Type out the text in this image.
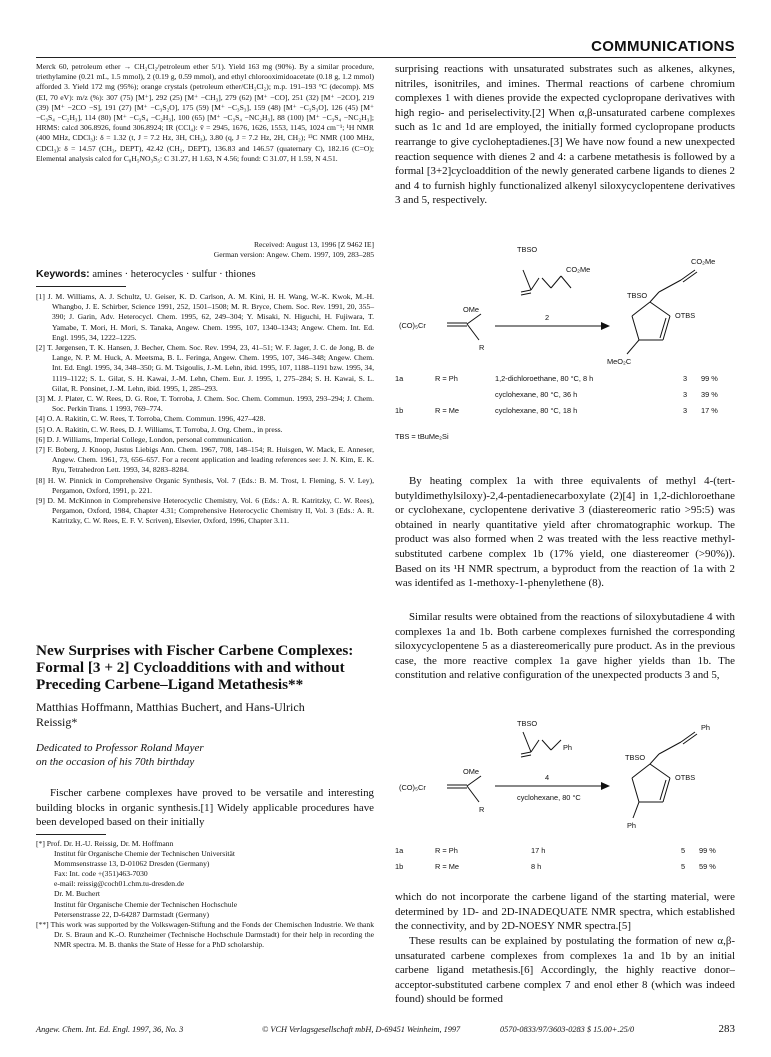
COMMUNICATIONS
Merck 60, petroleum ether → CH₂Cl₂/petroleum ether 5/1). Yield 163 mg (90%). By a similar procedure, triethylamine (0.21 mL, 1.5 mmol), 2 (0.19 g, 0.59 mmol), and ethyl chlorooximidoacetate (0.18 g, 1.2 mmol) afforded 3. Yield 172 mg (95%); orange crystals (petroleum ether/CH₂Cl₂); m.p. 191–193 °C (decomp). MS (EI, 70 eV): m/z (%): 307 (75) [M⁺], 292 (25) [M⁺ −CH₃], 279 (62) [M⁺ −CO], 251 (32) [M⁺ −2CO], 219 (39) [M⁺ −2CO −S], 191 (27) [M⁺ −C₃S₂O], 175 (59) [M⁺ −C₃S₃], 159 (48) [M⁺ −C₃S₃O], 126 (45) [M⁺ −C₃S₄ −C₂H₃], 114 (80) [M⁺ −C₃S₄ −C₂H₃], 100 (65) [M⁺ −C₃S₄ −NC₂H₃], 88 (100) [M⁺ −C₃S₄ −NC₂H₃]; HRMS: calcd 306.8926, found 306.8924; IR (CCl₄): ṽ = 2945, 1676, 1626, 1553, 1145, 1024 cm⁻¹; ¹H NMR (400 MHz, CDCl₃): δ = 1.32 (t, J = 7.2 Hz, 3H, CH₃), 3.80 (q, J = 7.2 Hz, 2H, CH₂); ¹³C NMR (100 MHz, CDCl₃): δ = 14.57 (CH₃, DEPT), 42.42 (CH₂, DEPT), 136.83 and 146.57 (quaternary C), 182.16 (C=O); Elemental analysis calcd for C₈H₅NO₃S₅: C 31.27, H 1.63, N 4.56; found: C 31.07, H 1.59, N 4.51.
Received: August 13, 1996 [Z 9462 IE]
German version: Angew. Chem. 1997, 109, 283–285
Keywords: amines · heterocycles · sulfur · thiones

[1] J. M. Williams, A. J. Schultz, U. Geiser, K. D. Carlson, A. M. Kini, H. H. Wang, W.-K. Kwok, M.-H. Whangbo, J. E. Schirber, Science 1991, 252, 1501–1508; M. R. Bryce, Chem. Soc. Rev. 1991, 20, 355–390; J. Garin, Adv. Heterocycl. Chem. 1995, 62, 249–304; Y. Misaki, N. Higuchi, H. Fujiwara, T. Yamabe, T. Mori, H. Mori, S. Tanaka, Angew. Chem. 1995, 107, 1340–1343; Angew. Chem. Int. Ed. Engl. 1995, 34, 1222–1225.

[2] T. Jørgensen, T. K. Hansen, J. Becher, Chem. Soc. Rev. 1994, 23, 41–51; W. F. Jager, J. C. de Jong, B. de Lange, N. P. M. Huck, A. Meetsma, B. L. Feringa, Angew. Chem. 1995, 107, 346–348; Angew. Chem. Int. Ed. Engl. 1995, 34, 348–350; G. M. Tsigoulis, J.-M. Lehn, ibid. 1995, 107, 1188–1191 bzw. 1995, 34, 1119–1122; S. L. Gilat, S. H. Kawai, J.-M. Lehn, Chem. Eur. J. 1995, 1, 275–284; S. H. Kawai, S. L. Gilat, R. Ponsinet, J.-M. Lehn, ibid. 1995, 1, 285–293.

[3] M. J. Plater, C. W. Rees, D. G. Roe, T. Torroba, J. Chem. Soc. Chem. Commun. 1993, 293–294; J. Chem. Soc. Perkin Trans. 1 1993, 769–774.

[4] O. A. Rakitin, C. W. Rees, T. Torroba, Chem. Commun. 1996, 427–428.

[5] O. A. Rakitin, C. W. Rees, D. J. Williams, T. Torroba, J. Org. Chem., in press.

[6] D. J. Williams, Imperial College, London, personal communication.

[7] F. Boberg, J. Knoop, Justus Liebigs Ann. Chem. 1967, 708, 148–154; R. Huisgen, W. Mack, E. Anneser, Angew. Chem. 1961, 73, 656–657. For a recent application and leading references see: J. N. Kim, E. K. Ryu, Tetrahedron Lett. 1993, 34, 8283–8284.

[8] H. W. Pinnick in Comprehensive Organic Synthesis, Vol. 7 (Eds.: B. M. Trost, I. Fleming, S. V. Ley), Pergamon, Oxford, 1991, p. 221.

[9] D. M. McKinnon in Comprehensive Heterocyclic Chemistry, Vol. 6 (Eds.: A. R. Katritzky, C. W. Rees), Pergamon, Oxford, 1984, Chapter 4.31; Comprehensive Heterocyclic Chemistry II, Vol. 3 (Eds.: A. R. Katritzky, C. W. Rees, E. F. V. Scriven), Elsevier, Oxford, 1996, Chapter 3.11.

New Surprises with Fischer Carbene Complexes: Formal [3 + 2] Cycloadditions with and without Preceding Carbene–Ligand Metathesis**
Matthias Hoffmann, Matthias Buchert, and Hans-Ulrich Reissig*
Dedicated to Professor Roland Mayer
on the occasion of his 70th birthday
Fischer carbene complexes have proved to be versatile and interesting building blocks in organic synthesis.[1] Widely applicable procedures have been developed based on their initially
[*] Prof. Dr. H.-U. Reissig, Dr. M. Hoffmann
Institut für Organische Chemie der Technischen Universität
Mommsenstrasse 13, D-01062 Dresden (Germany)
Fax: Int. code +(351)463-7030
e-mail: reissig@coch01.chm.tu-dresden.de
Dr. M. Buchert
Institut für Organische Chemie der Technischen Hochschule
Petersenstrasse 22, D-64287 Darmstadt (Germany)
[**] This work was supported by the Volkswagen-Stiftung and the Fonds der Chemischen Industrie. We thank Dr. S. Braun and K.-O. Runzheimer (Technische Hochschule Darmstadt) for their help in recording the NMR spectra. M. B. thanks the State of Hesse for a PhD scholarship.
surprising reactions with unsaturated substrates such as alkenes, alkynes, nitriles, isonitriles, and imines. Thermal reactions of carbene chromium complexes 1 with dienes provide the expected cyclopropane derivatives with high regio- and periselectivity.[2] When α,β-unsaturated carbene complexes such as 1c and 1d are employed, the initially formed cyclopropane products rearrange to give cycloheptadienes.[3] We have now found a new unexpected reaction sequence with dienes 2 and 4: a carbene metathesis is followed by a formal [3+2]cycloaddition of the newly generated carbene ligands to dienes 2 and 4 to furnish highly functionalized alkenyl siloxycyclopentene derivatives 3 and 5, respectively.
TBSO
CO₂Me
OMe
(CO)₅Cr
R
2
TBSO
CO₂Me
OTBS
MeO₂C
1a	R = Ph	1,2-dichloroethane, 80 °C, 8 h	3	99 %
		cyclohexane, 80 °C, 36 h	3	39 %
1b	R = Me	cyclohexane, 80 °C, 18 h	3	17 %
TBS = tBuMe₂Si
By heating complex 1a with three equivalents of methyl 4-(tert-butyldimethylsiloxy)-2,4-pentadienecarboxylate (2)[4] in 1,2-dichloroethane or cyclohexane, cyclopentene derivative 3 (diastereomeric ratio >95:5) was obtained in nearly quantitative yield after chromatographic workup. The product was also formed when 2 was treated with the less reactive methyl-substituted carbene complex 1b (17% yield, one diastereomer (>90%)). Based on its ¹H NMR spectrum, a byproduct from the reaction of 1a with 2 was identifed as 1-methoxy-1-phenylethene (8).
Similar results were obtained from the reactions of siloxybutadiene 4 with complexes 1a and 1b. Both carbene complexes furnished the corresponding siloxycyclopentene 5 as a diastereomerically pure product. As in the previous case, the more reactive complex 1a gave higher yields than 1b. The constitution and relative configuration of the unexpected products 3 and 5,
TBSO
Ph
OMe
(CO)₅Cr
R
4
cyclohexane, 80 °C
TBSO
Ph
OTBS
Ph
1a	R = Ph	17 h	5	99 %
1b	R = Me	8 h	5	59 %
which do not incorporate the carbene ligand of the starting material, were determined by 1D- and 2D-INADEQUATE NMR spectra, which established the connectivity, and by 2D-NOESY NMR spectra.[5]
These results can be explained by postulating the formation of new α,β-unsaturated carbene complexes from complexes 1a and 1b by an initial carbene ligand metathesis.[6] Accordingly, the highly reactive donor–acceptor-substituted carbene complex 7 and enol ether 8 (which was indeed found) should be formed
Angew. Chem. Int. Ed. Engl. 1997, 36, No. 3	© VCH Verlagsgesellschaft mbH, D-69451 Weinheim, 1997	0570-0833/97/3603-0283 $ 15.00+.25/0	283
